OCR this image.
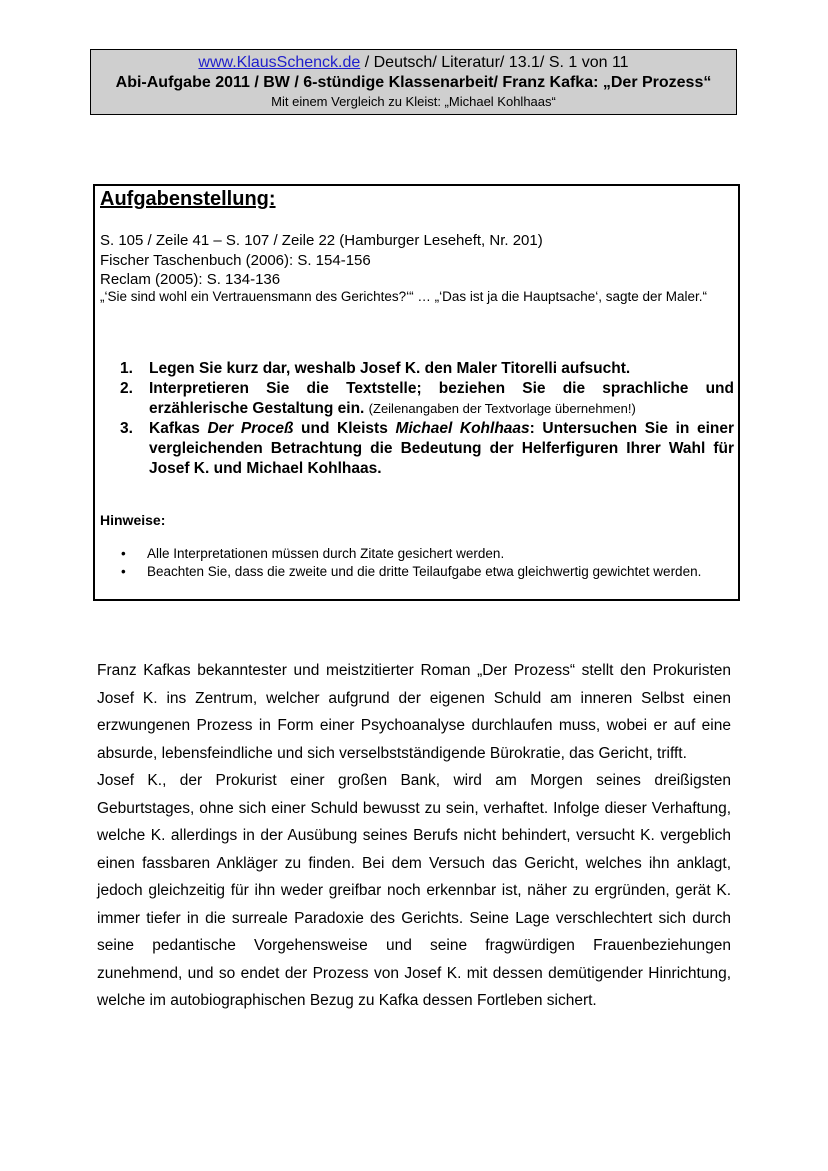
www.KlausSchenck.de / Deutsch/ Literatur/ 13.1/ S. 1 von 11
Abi-Aufgabe 2011 / BW / 6-stündige Klassenarbeit/ Franz Kafka: „Der Prozess“
Mit einem Vergleich zu Kleist: „Michael Kohlhaas“
Aufgabenstellung:
S. 105 / Zeile 41 – S. 107 / Zeile 22 (Hamburger Leseheft, Nr. 201)
Fischer Taschenbuch (2006): S. 154-156
Reclam (2005): S. 134-136
„‘Sie sind wohl ein Vertrauensmann des Gerichtes?‘“ … „‘Das ist ja die Hauptsache‘, sagte der Maler.“
1. Legen Sie kurz dar, weshalb Josef K. den Maler Titorelli aufsucht.
2. Interpretieren Sie die Textstelle; beziehen Sie die sprachliche und erzählerische Gestaltung ein. (Zeilenangaben der Textvorlage übernehmen!)
3. Kafkas Der Proceß und Kleists Michael Kohlhaas: Untersuchen Sie in einer vergleichenden Betrachtung die Bedeutung der Helferfiguren Ihrer Wahl für Josef K. und Michael Kohlhaas.
Hinweise:
• Alle Interpretationen müssen durch Zitate gesichert werden.
• Beachten Sie, dass die zweite und die dritte Teilaufgabe etwa gleichwertig gewichtet werden.
Franz Kafkas bekanntester und meistzitierter Roman „Der Prozess“ stellt den Prokuristen Josef K. ins Zentrum, welcher aufgrund der eigenen Schuld am inneren Selbst einen erzwungenen Prozess in Form einer Psychoanalyse durchlaufen muss, wobei er auf eine absurde, lebensfeindliche und sich verselbstständigende Bürokratie, das Gericht, trifft.
Josef K., der Prokurist einer großen Bank, wird am Morgen seines dreißigsten Geburtstages, ohne sich einer Schuld bewusst zu sein, verhaftet. Infolge dieser Verhaftung, welche K. allerdings in der Ausübung seines Berufs nicht behindert, versucht K. vergeblich einen fassbaren Ankläger zu finden. Bei dem Versuch das Gericht, welches ihn anklagt, jedoch gleichzeitig für ihn weder greifbar noch erkennbar ist, näher zu ergründen, gerät K. immer tiefer in die surreale Paradoxie des Gerichts. Seine Lage verschlechtert sich durch seine pedantische Vorgehensweise und seine fragwürdigen Frauenbeziehungen zunehmend, und so endet der Prozess von Josef K. mit dessen demütigender Hinrichtung, welche im autobiographischen Bezug zu Kafka dessen Fortleben sichert.
